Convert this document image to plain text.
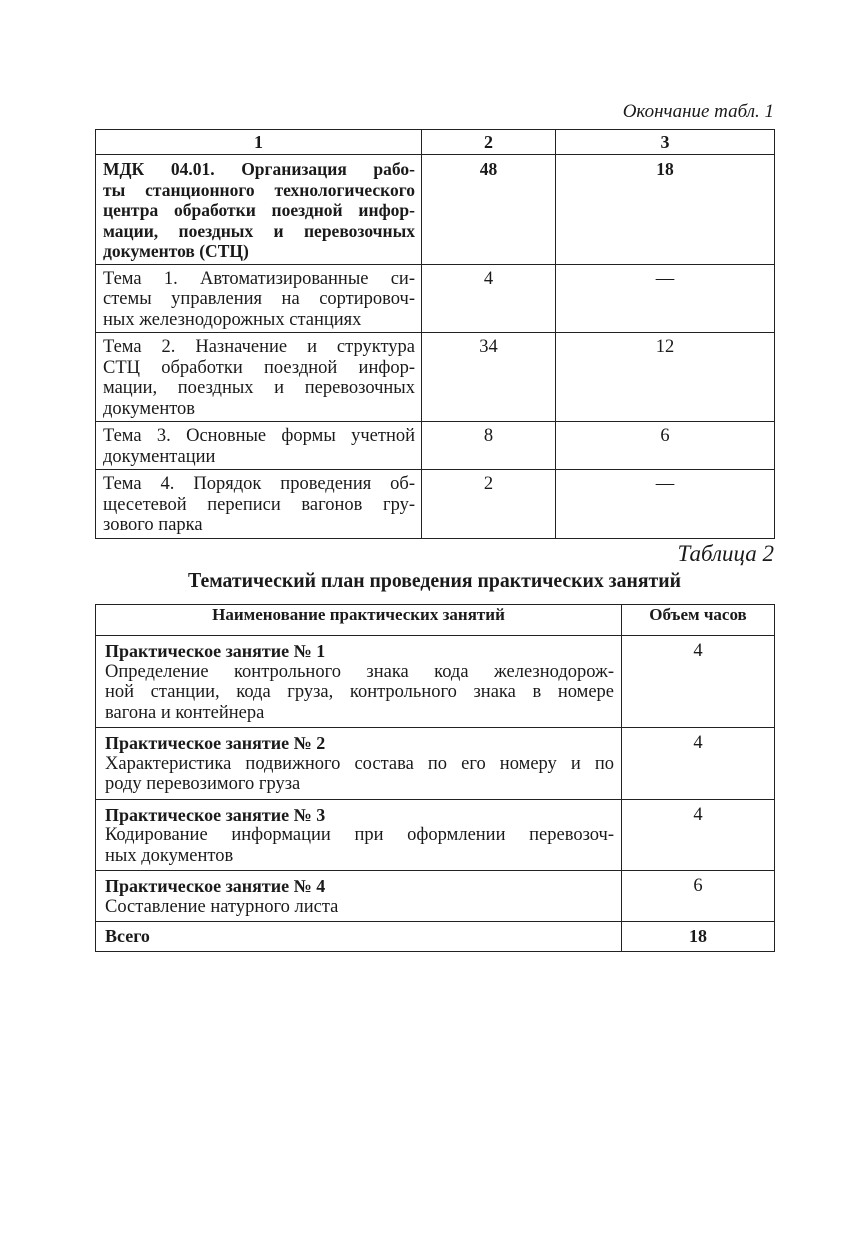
Окончание табл. 1
1	2	3

МДК 04.01. Организация рабо-
ты станционного технологического
центра обработки поездной инфор-
мации, поездных и перевозочных
документов (СТЦ)	48	18

Тема 1. Автоматизированные си-
стемы управления на сортировоч-
ных железнодорожных станциях	4	—

Тема 2. Назначение и структура
СТЦ обработки поездной инфор-
мации, поездных и перевозочных
документов	34	12

Тема 3. Основные формы учетной
документации	8	6

Тема 4. Порядок проведения об-
щесетевой переписи вагонов гру-
зового парка	2	—
Таблица 2
Тематический план проведения практических занятий
Наименование практических занятий	Объем часов

Практическое занятие № 1
Определение контрольного знака кода железнодорож-
ной станции, кода груза, контрольного знака в номере
вагона и контейнера	4

Практическое занятие № 2
Характеристика подвижного состава по его номеру и по
роду перевозимого груза	4

Практическое занятие № 3
Кодирование информации при оформлении перевозоч-
ных документов	4

Практическое занятие № 4
Составление натурного листа	6
Всего	18
